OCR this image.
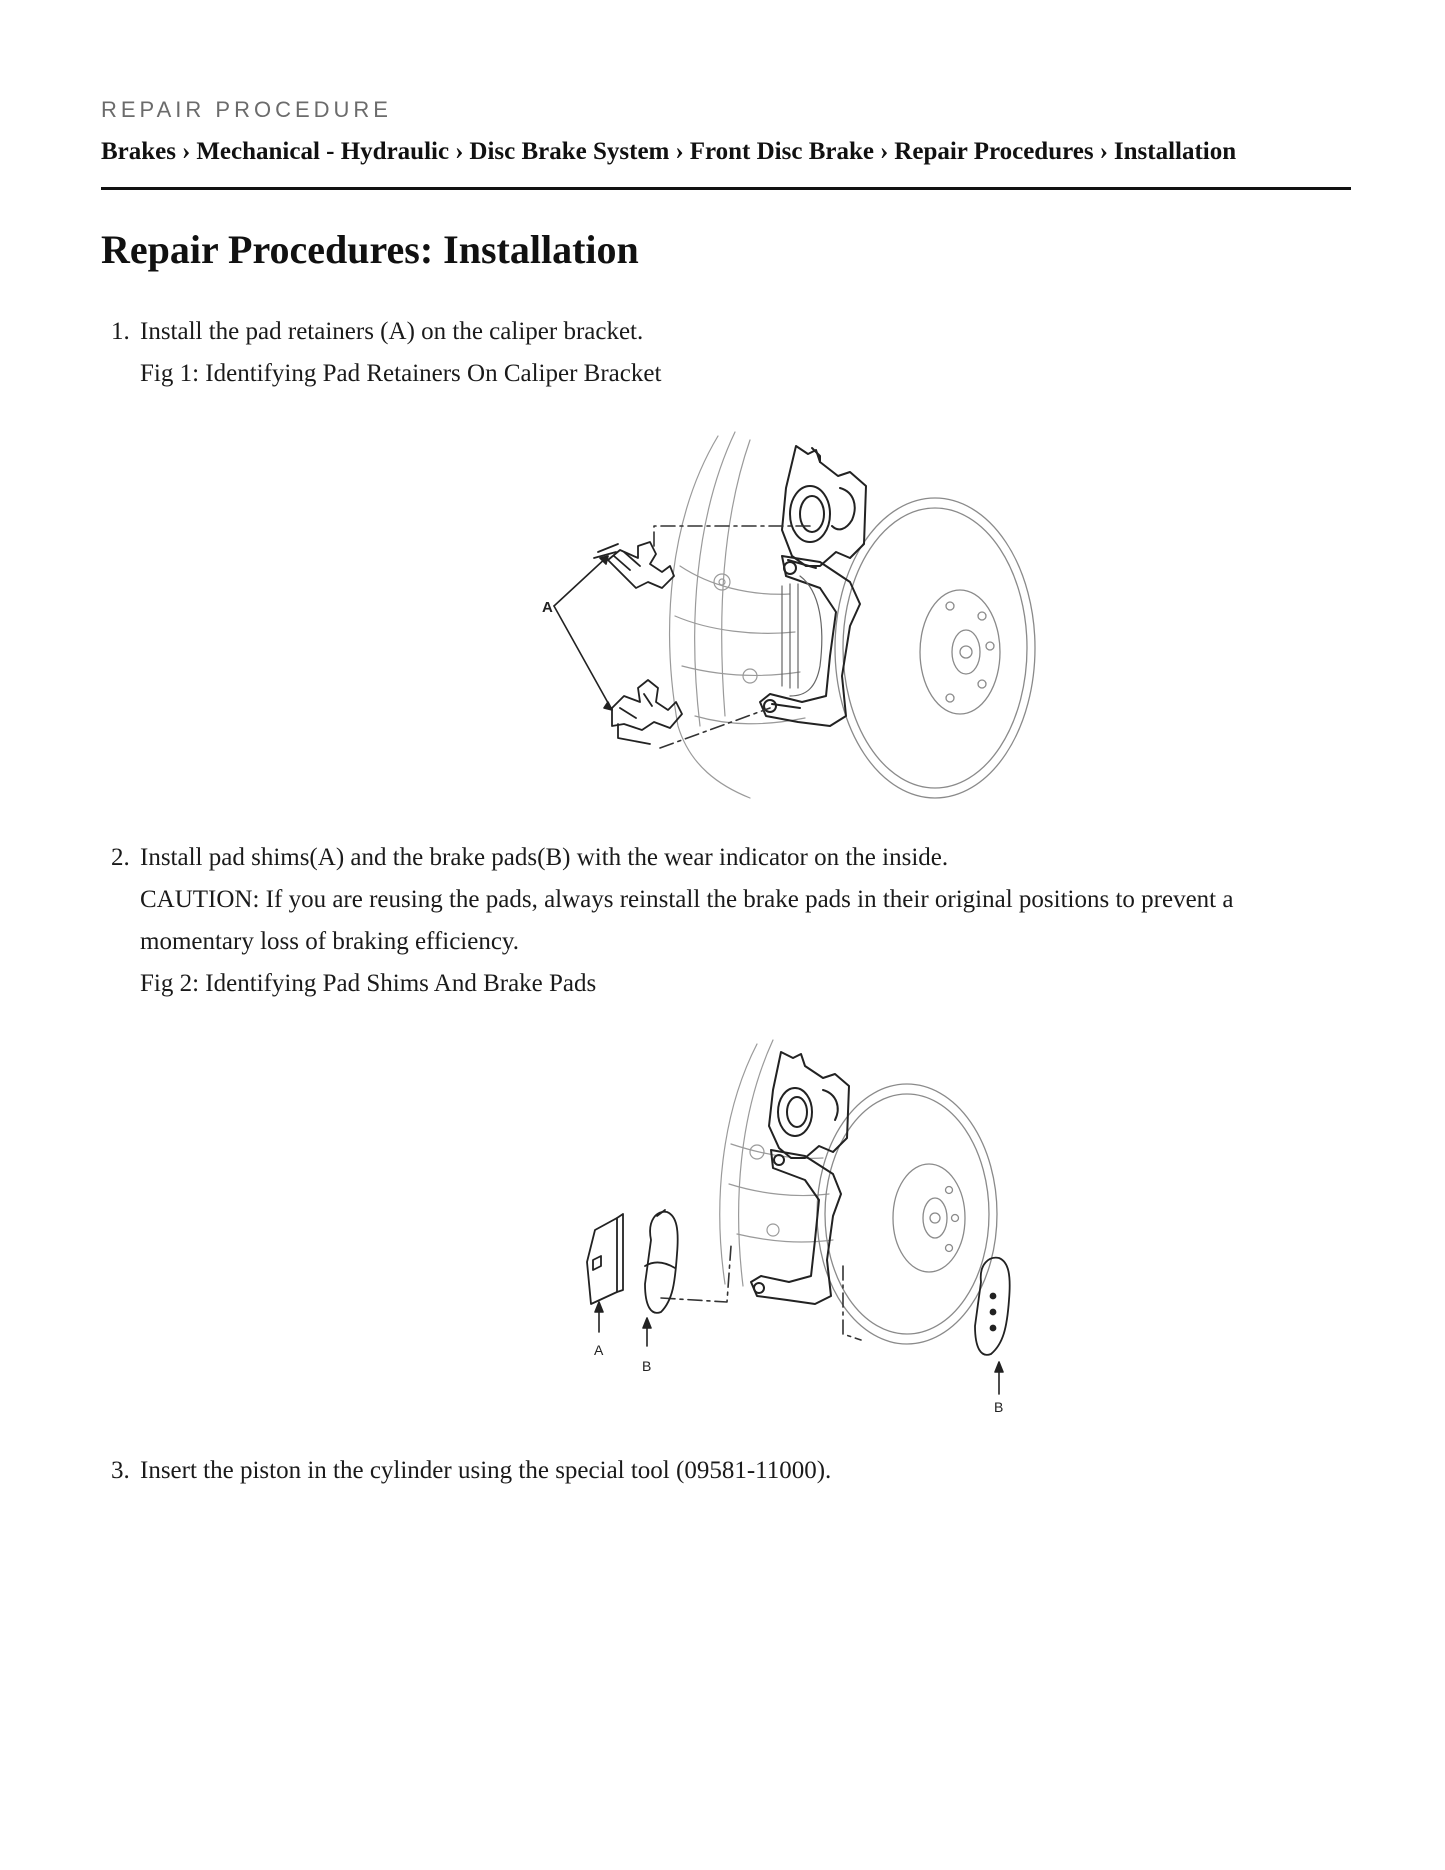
REPAIR PROCEDURE
Brakes › Mechanical - Hydraulic › Disc Brake System › Front Disc Brake › Repair Procedures › Installation
Repair Procedures: Installation
1. Install the pad retainers (A) on the caliper bracket.
Fig 1: Identifying Pad Retainers On Caliper Bracket
A
2. Install pad shims(A) and the brake pads(B) with the wear indicator on the inside.
CAUTION: If you are reusing the pads, always reinstall the brake pads in their original positions to prevent a momentary loss of braking efficiency.
Fig 2: Identifying Pad Shims And Brake Pads
A
B
B
3. Insert the piston in the cylinder using the special tool (09581-11000).
